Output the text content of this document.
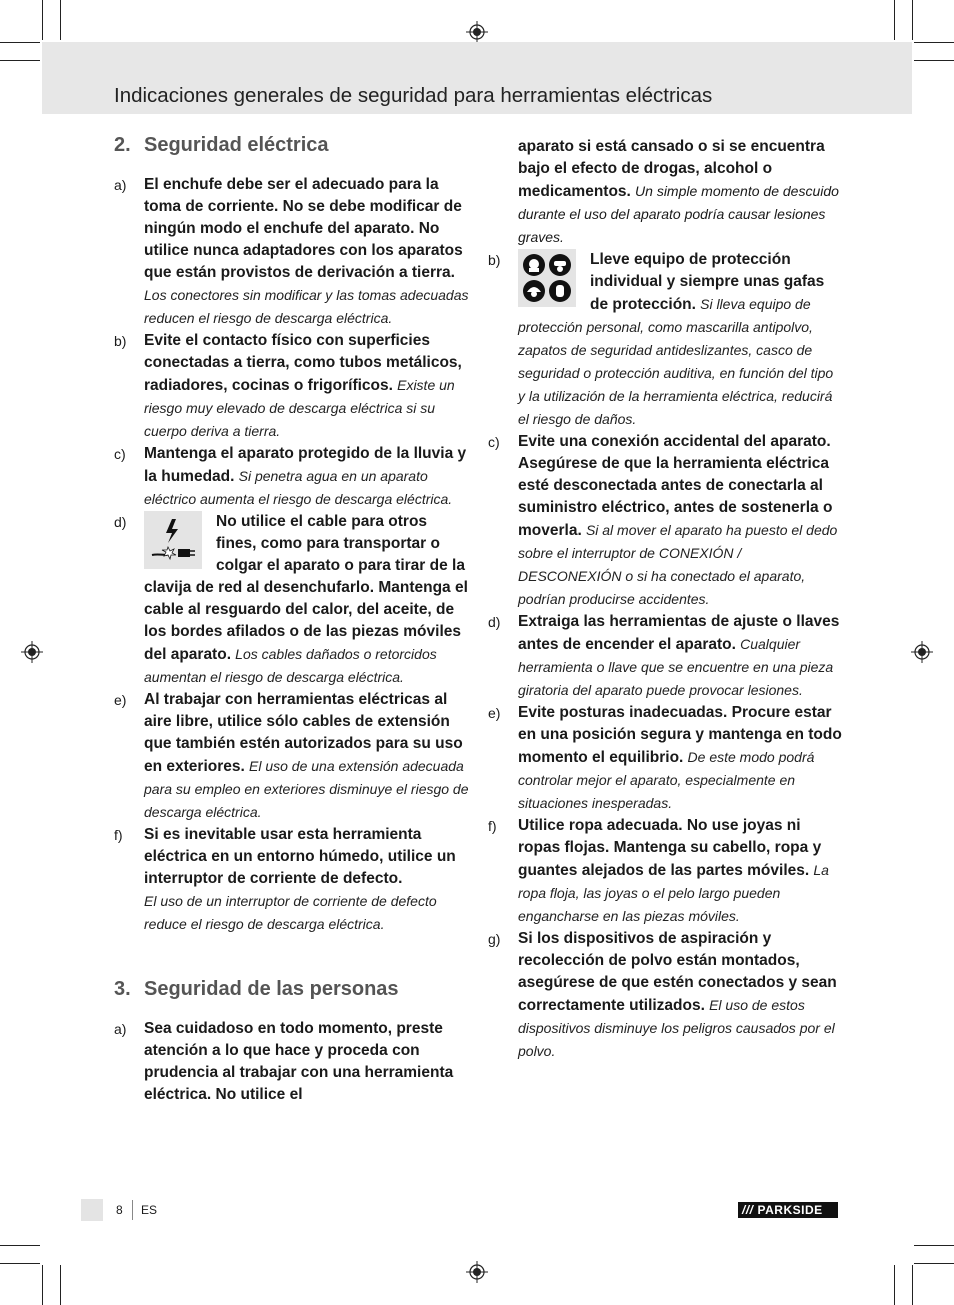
Indicaciones generales de seguridad para herramientas eléctricas
2. Seguridad eléctrica
a) El enchufe debe ser el adecuado para la toma de corriente. No se debe modificar de ningún modo el enchufe del aparato. No utilice nunca adaptadores con los aparatos que están provistos de derivación a tierra. Los conectores sin modificar y las tomas adecuadas reducen el riesgo de descarga eléctrica.
b) Evite el contacto físico con superficies conectadas a tierra, como tubos metálicos, radiadores, cocinas o frigoríficos. Existe un riesgo muy elevado de descarga eléctrica si su cuerpo deriva a tierra.
c) Mantenga el aparato protegido de la lluvia y la humedad. Si penetra agua en un aparato eléctrico aumenta el riesgo de descarga eléctrica.
d)	No utilice el cable para otros fines, como para transportar o colgar el aparato o para tirar de la clavija de red al desenchufarlo. Mantenga el cable al resguardo del calor, del aceite, de los bordes afilados o de las piezas móviles del aparato. Los cables dañados o retorcidos aumentan el riesgo de descarga eléctrica.
e) Al trabajar con herramientas eléctricas al aire libre, utilice sólo cables de extensión que también estén autorizados para su uso en exteriores. El uso de una extensión adecuada para su empleo en exteriores disminuye el riesgo de descarga eléctrica.
f) Si es inevitable usar esta herramienta eléctrica en un entorno húmedo, utilice un interruptor de corriente de defecto.
El uso de un interruptor de corriente de defecto reduce el riesgo de descarga eléctrica.
3. Seguridad de las personas
a) Sea cuidadoso en todo momento, preste atención a lo que hace y proceda con prudencia al trabajar con una herramienta eléctrica. No utilice el
aparato si está cansado o si se encuentra bajo el efecto de drogas, alcohol o medicamentos. Un simple momento de descuido durante el uso del aparato podría causar lesiones graves.
b)	Lleve equipo de protección individual y siempre unas gafas de protección. Si lleva equipo de protección personal, como mascarilla antipolvo, zapatos de seguridad antideslizantes, casco de seguridad o protección auditiva, en función del tipo y la utilización de la herramienta eléctrica, reducirá el riesgo de daños.
c) Evite una conexión accidental del aparato. Asegúrese de que la herramienta eléctrica esté desconectada antes de conectarla al suministro eléctrico, antes de sostenerla o moverla. Si al mover el aparato ha puesto el dedo sobre el interruptor de CONEXIÓN / DESCONEXIÓN o si ha conectado el aparato, podrían producirse accidentes.
d) Extraiga las herramientas de ajuste o llaves antes de encender el aparato. Cualquier herramienta o llave que se encuentre en una pieza giratoria del aparato puede provocar lesiones.
e) Evite posturas inadecuadas. Procure estar en una posición segura y mantenga en todo momento el equilibrio. De este modo podrá controlar mejor el aparato, especialmente en situaciones inesperadas.
f) Utilice ropa adecuada. No use joyas ni ropas flojas. Mantenga su cabello, ropa y guantes alejados de las partes móviles. La ropa floja, las joyas o el pelo largo pueden engancharse en las piezas móviles.
g) Si los dispositivos de aspiración y recolección de polvo están montados, asegúrese de que estén conectados y sean correctamente utilizados. El uso de estos dispositivos disminuye los peligros causados por el polvo.
8 ES	/// PARKSIDE
